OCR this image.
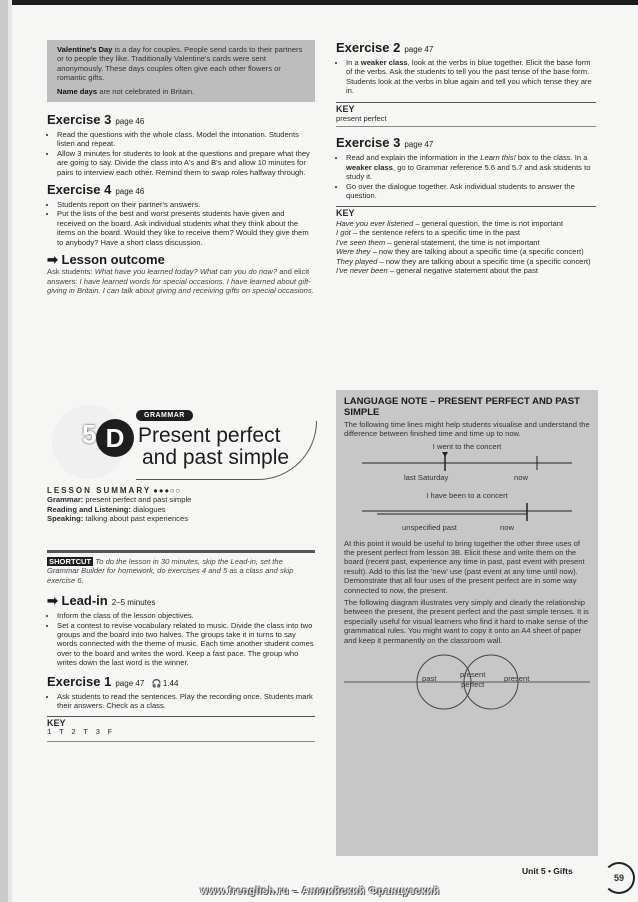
Valentine's Day is a day for couples. People send cards to their partners or to people they like. Traditionally Valentine's cards were sent anonymously. These days couples often give each other flowers or romantic gifts.

Name days are not celebrated in Britain.

Exercise 3 page 46
• Read the questions with the whole class. Model the intonation. Students listen and repeat.
• Allow 3 minutes for students to look at the questions and prepare what they are going to say. Divide the class into A's and B's and allow 10 minutes for pairs to interview each other. Remind them to swap roles halfway through.
Exercise 4 page 46
• Students report on their partner's answers.
• Put the lists of the best and worst presents students have given and received on the board. Ask individual students what they think about the items on the board. Would they like to receive them? Would they give them to anybody? Have a short class discussion.
➡ Lesson outcome
Ask students: What have you learned today? What can you do now? and elicit answers: I have learned words for special occasions. I have learned about gift-giving in Britain. I can talk about giving and receiving gifts on special occasions.
D
5
GRAMMAR
Present perfect
and past simple
LESSON SUMMARY ●●●○○
Grammar: present perfect and past simple
Reading and Listening: dialogues
Speaking: talking about past experiences
SHORTCUT To do the lesson in 30 minutes, skip the Lead-in, set the Grammar Builder for homework, do exercises 4 and 5 as a class and skip exercise 6.
➡ Lead-in 2–5 minutes
• Inform the class of the lesson objectives.
• Set a contest to revise vocabulary related to music. Divide the class into two groups and the board into two halves. The groups take it in turns to say words connected with the theme of music. Each time another student comes over to the board and writes the word. Keep a fast pace. The group who writes down the last word is the winner.
Exercise 1 page 47 🎧1.44
• Ask students to read the sentences. Play the recording once. Students mark their answers. Check as a class.
KEY
1 T 2 T 3 F
Exercise 2 page 47
• In a weaker class, look at the verbs in blue together. Elicit the base form of the verbs. Ask the students to tell you the past tense of the base form. Students look at the verbs in blue again and tell you which tense they are in.
KEY
present perfect
Exercise 3 page 47
• Read and explain the information in the Learn this! box to the class. In a weaker class, go to Grammar reference 5.6 and 5.7 and ask students to study it.
• Go over the dialogue together. Ask individual students to answer the question.
KEY
Have you ever listened – general question, the time is not important
I got – the sentence refers to a specific time in the past
I've seen them – general statement, the time is not important
Were they – now they are talking about a specific time (a specific concert)
They played – now they are talking about a specific time (a specific concert)
I've never been – general negative statement about the past
LANGUAGE NOTE – PRESENT PERFECT AND PAST SIMPLE

The following time lines might help students visualise and understand the difference between finished time and time up to now.

I went to the concert
last Saturday	now
I have been to a concert
unspecified past	now

At this point it would be useful to bring together the other three uses of the present perfect from lesson 3B. Elicit these and write them on the board (recent past, experience any time in past, past event with present result). Add to this list the 'new' use (past event at any time until now). Demonstrate that all four uses of the present perfect are in some way connected to now, the present.

The following diagram illustrates very simply and clearly the relationship between the present, the present perfect and the past simple tenses. It is especially useful for visual learners who find it hard to make sense of the grammatical rules. You might want to copy it onto an A4 sheet of paper and keep it permanently on the classroom wall.

past	present
perfect
present
Unit 5 • Gifts
59
www.frenglish.ru – Английский Французский
